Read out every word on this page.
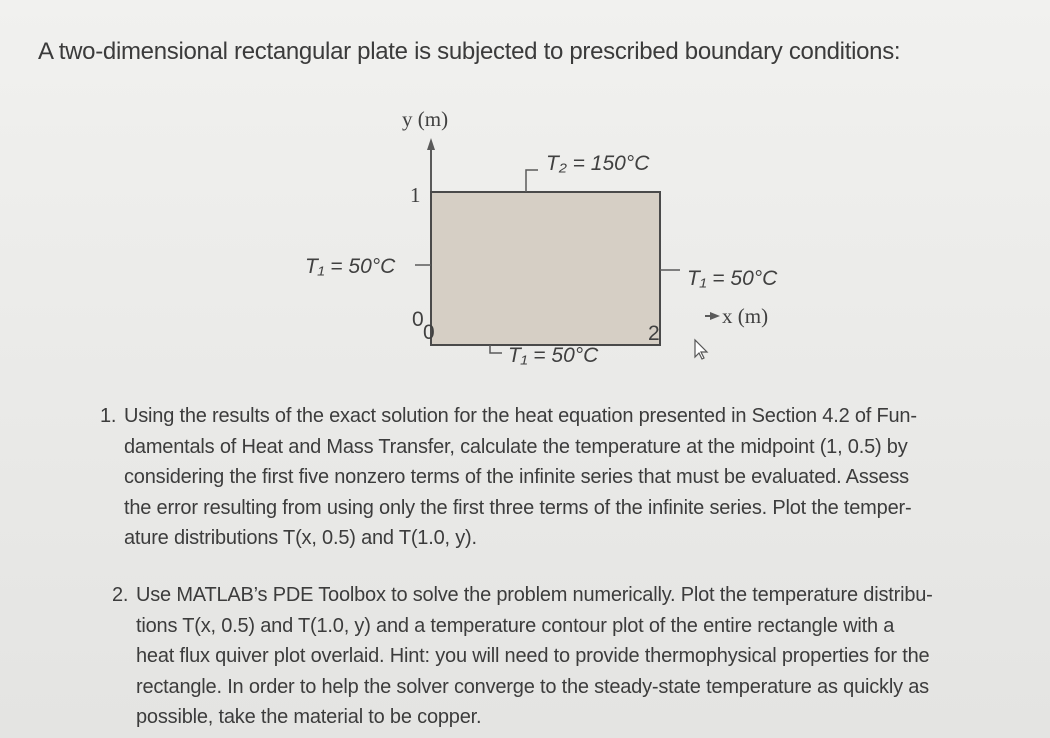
A two-dimensional rectangular plate is subjected to prescribed boundary conditions:
y (m)
1
0
0	2
T₂ = 150°C
T₁ = 50°C
T₁ = 50°C
x (m)
T₁ = 50°C
1. Using the results of the exact solution for the heat equation presented in Section 4.2 of Fun-
damentals of Heat and Mass Transfer, calculate the temperature at the midpoint (1, 0.5) by
considering the first five nonzero terms of the infinite series that must be evaluated. Assess
the error resulting from using only the first three terms of the infinite series. Plot the temper-
ature distributions T(x, 0.5) and T(1.0, y).
2. Use MATLAB’s PDE Toolbox to solve the problem numerically. Plot the temperature distribu-
tions T(x, 0.5) and T(1.0, y) and a temperature contour plot of the entire rectangle with a
heat flux quiver plot overlaid. Hint: you will need to provide thermophysical properties for the
rectangle. In order to help the solver converge to the steady-state temperature as quickly as
possible, take the material to be copper.
